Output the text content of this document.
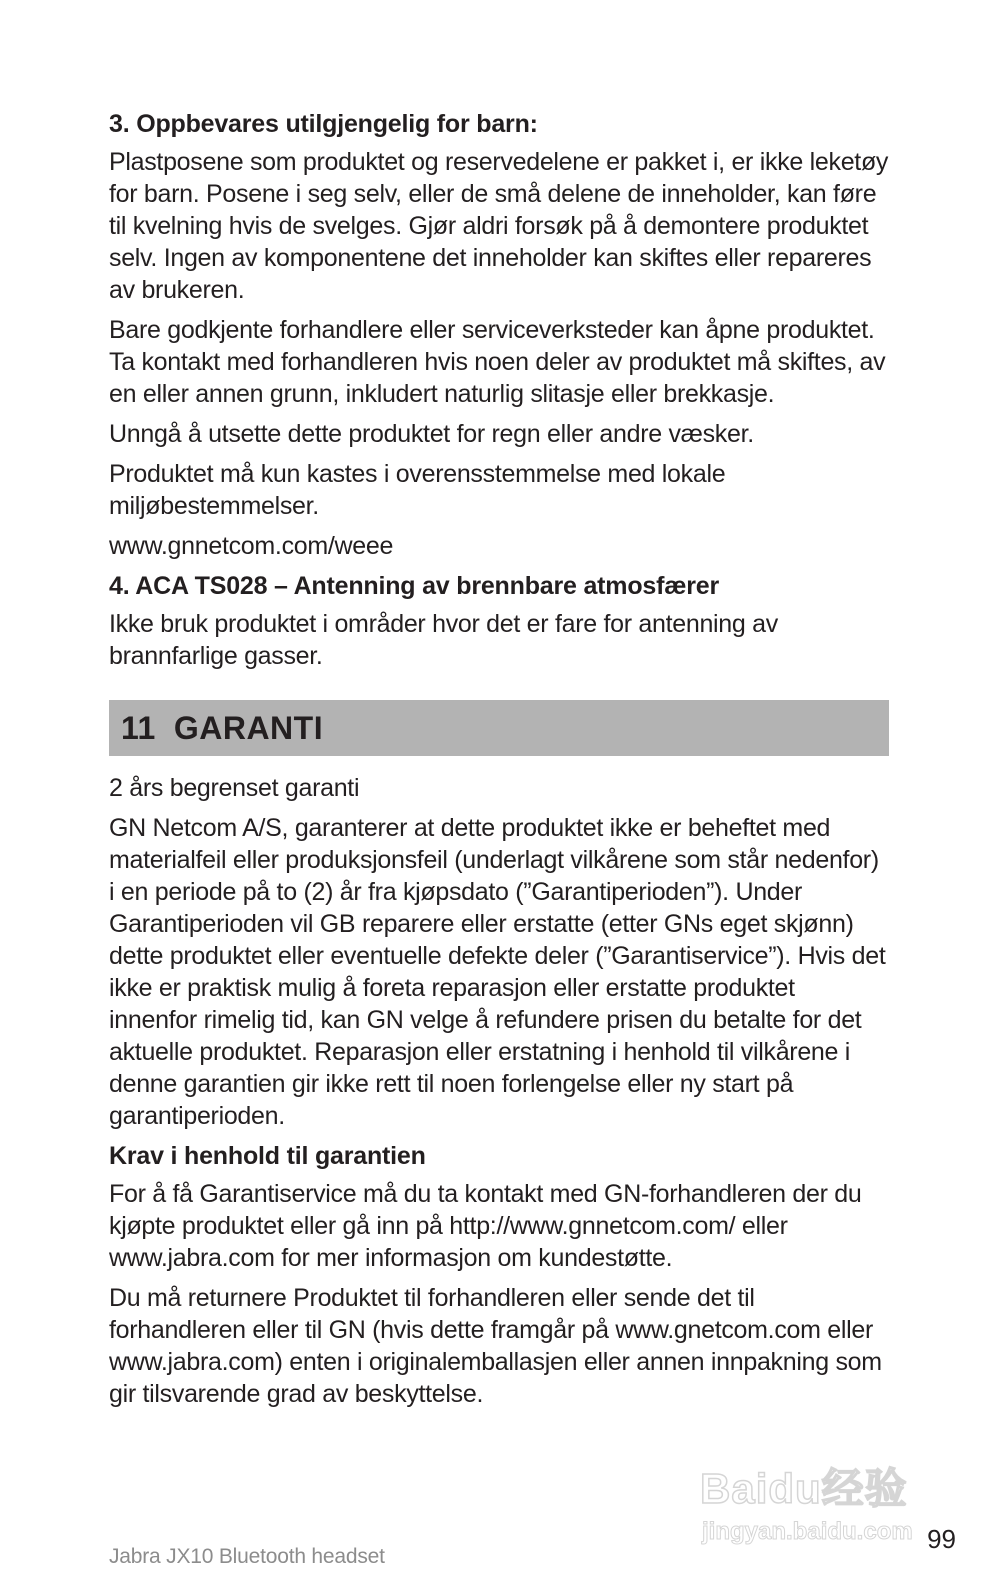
3. Oppbevares utilgjengelig for barn:

Plastposene som produktet og reservedelene er pakket i, er ikke leketøy for barn. Posene i seg selv, eller de små delene de inneholder, kan føre til kvelning hvis de svelges. Gjør aldri forsøk på å demontere produktet selv. Ingen av komponentene det inneholder kan skiftes eller repareres av brukeren.

Bare godkjente forhandlere eller serviceverksteder kan åpne produktet. Ta kontakt med forhandleren hvis noen deler av produktet må skiftes, av en eller annen grunn, inkludert naturlig slitasje eller brekkasje.

Unngå å utsette dette produktet for regn eller andre væsker.

Produktet må kun kastes i overensstemmelse med lokale miljøbestemmelser.

www.gnnetcom.com/weee

4. ACA TS028 – Antenning av brennbare atmosfærer

Ikke bruk produktet i områder hvor det er fare for antenning av brannfarlige gasser.

11 GARANTI

2 års begrenset garanti

GN Netcom A/S, garanterer at dette produktet ikke er beheftet med materialfeil eller produksjonsfeil (underlagt vilkårene som står nedenfor) i en periode på to (2) år fra kjøpsdato (”Garantiperioden”). Under Garantiperioden vil GB reparere eller erstatte (etter GNs eget skjønn) dette produktet eller eventuelle defekte deler (”Garantiservice”). Hvis det ikke er praktisk mulig å foreta reparasjon eller erstatte produktet innenfor rimelig tid, kan GN velge å refundere prisen du betalte for det aktuelle produktet. Reparasjon eller erstatning i henhold til vilkårene i denne garantien gir ikke rett til noen forlengelse eller ny start på garantiperioden.

Krav i henhold til garantien

For å få Garantiservice må du ta kontakt med GN-forhandleren der du kjøpte produktet eller gå inn på http://www.gnnetcom.com/ eller www.jabra.com for mer informasjon om kundestøtte.

Du må returnere Produktet til forhandleren eller sende det til forhandleren eller til GN (hvis dette framgår på www.gnetcom.com eller www.jabra.com) enten i originalemballasjen eller annen innpakning som gir tilsvarende grad av beskyttelse.

Baidu经验
jingyan.baidu.com
Jabra JX10 Bluetooth headset
99
